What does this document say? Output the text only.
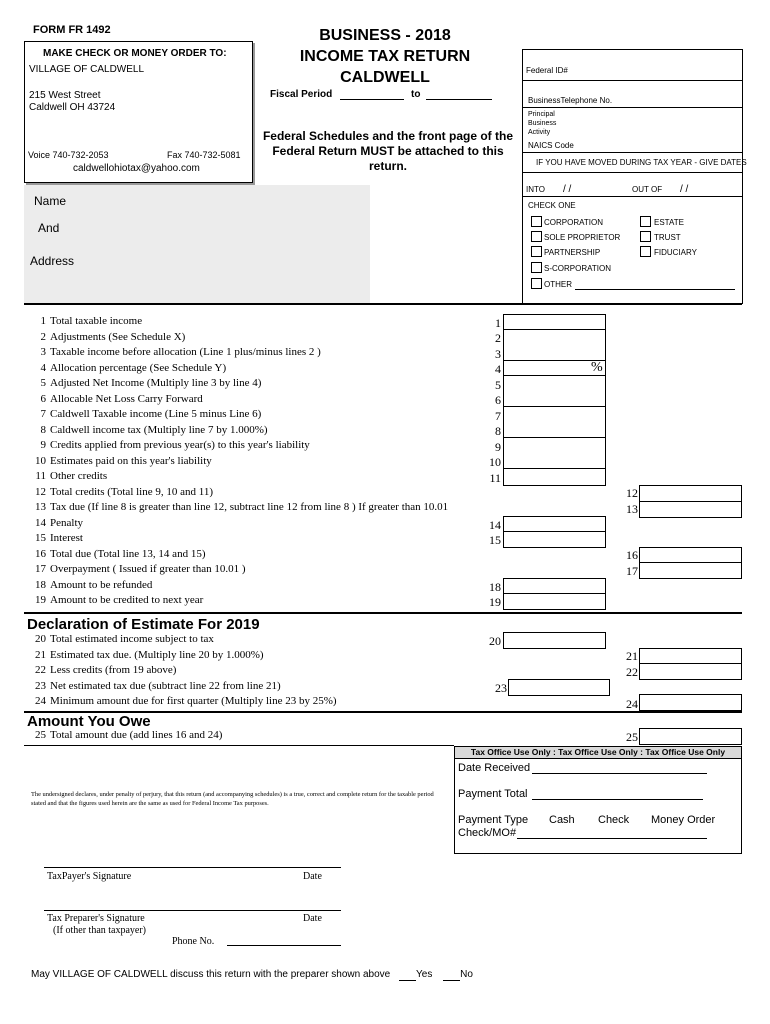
FORM FR 1492	BUSINESS - 2018
INCOME TAX RETURN
CALDWELL
MAKE CHECK OR MONEY ORDER TO:
VILLAGE OF CALDWELL
215 West Street
Caldwell OH 43724
Voice 740-732-2053	Fax 740-732-5081
caldwellohiotax@yahoo.com
Fiscal Period	to
Federal Schedules and the front page of the Federal Return MUST be attached to this return.
Federal ID#
BusinessTelephone No.
Principal Business Activity
NAICS Code
IF YOU HAVE MOVED DURING TAX YEAR - GIVE DATES
INTO / /	OUT OF / /
CHECK ONE
CORPORATION	ESTATE
SOLE PROPRIETOR	TRUST
PARTNERSHIP	FIDUCIARY
S-CORPORATION
OTHER
Name
And
Address
1 Total taxable income
2 Adjustments (See Schedule X)
3 Taxable income before allocation (Line 1 plus/minus lines 2 )
4 Allocation percentage (See Schedule Y)
5 Adjusted Net Income (Multiply line 3 by line 4)
6 Allocable Net Loss Carry Forward
7 Caldwell Taxable income (Line 5 minus Line 6)
8 Caldwell income tax (Multiply line 7 by 1.000%)
9 Credits applied from previous year(s) to this year's liability
10 Estimates paid on this year's liability
11 Other credits
12 Total credits (Total line 9, 10 and 11)
13 Tax due (If line 8 is greater than line 12, subtract line 12 from line 8 ) If greater than 10.01
14 Penalty
15 Interest
16 Total due (Total line 13, 14 and 15)
17 Overpayment ( Issued if greater than 10.01 )
18 Amount to be refunded
19 Amount to be credited to next year
1
2
3
4
5
6
7
8
9
10
11
%
12
13
14
15
16
17
18
19
Declaration of Estimate For 2019
20 Total estimated income subject to tax
21 Estimated tax due. (Multiply line 20 by 1.000%)
22 Less credits (from 19 above)
23 Net estimated tax due (subtract line 22 from line 21)
24 Minimum amount due for first quarter (Multiply line 23 by 25%)
20
21
22
23
24
Amount You Owe
25 Total amount due (add lines 16 and 24)	25
Tax Office Use Only : Tax Office Use Only : Tax Office Use Only
Date Received
Payment Total
Payment Type Cash Check Money Order
Check/MO#
The undersigned declares, under penalty of perjury, that this return (and accompanying schedules) is a true, correct and complete return for the taxable period stated and that the figures used herein are the same as used for Federal Income Tax purposes.
TaxPayer's Signature	Date
Tax Preparer's Signature	Date
(If other than taxpayer)
Phone No.
May VILLAGE OF CALDWELL discuss this return with the preparer shown above	Yes	No
